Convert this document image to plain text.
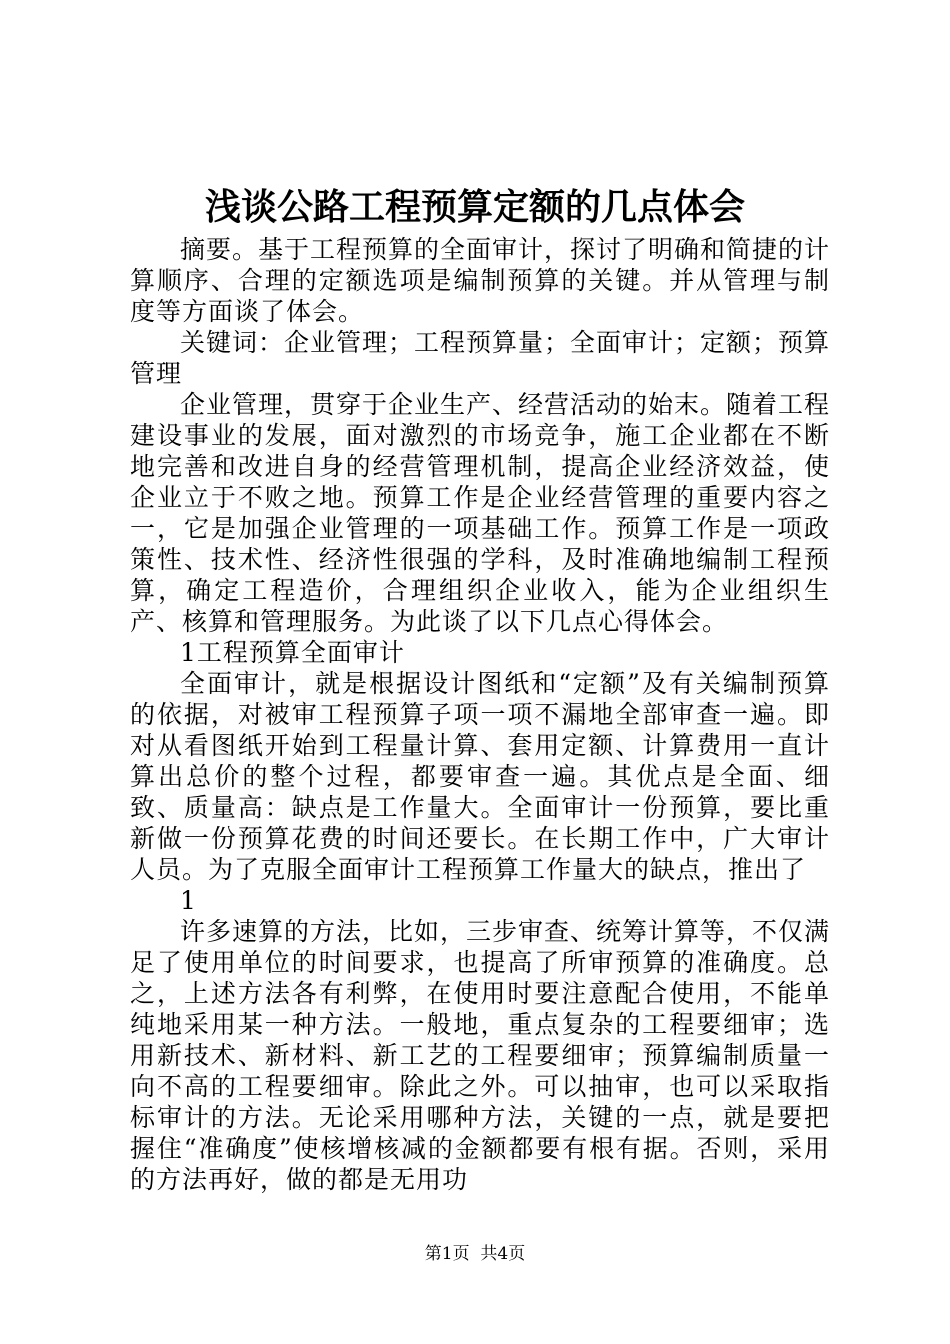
浅谈公路工程预算定额的几点体会

摘要。基于工程预算的全面审计，探讨了明确和简捷的计算顺序、合理的定额选项是编制预算的关键。并从管理与制度等方面谈了体会。

关键词：企业管理；工程预算量；全面审计；定额；预算管理

企业管理，贯穿于企业生产、经营活动的始末。随着工程建设事业的发展，面对激烈的市场竞争，施工企业都在不断地完善和改进自身的经营管理机制，提高企业经济效益，使企业立于不败之地。预算工作是企业经营管理的重要内容之一，它是加强企业管理的一项基础工作。预算工作是一项政策性、技术性、经济性很强的学科，及时准确地编制工程预算，确定工程造价，合理组织企业收入，能为企业组织生产、核算和管理服务。为此谈了以下几点心得体会。

1工程预算全面审计

全面审计，就是根据设计图纸和“定额”及有关编制预算的依据，对被审工程预算子项一项不漏地全部审查一遍。即对从看图纸开始到工程量计算、套用定额、计算费用一直计算出总价的整个过程，都要审查一遍。其优点是全面、细致、质量高：缺点是工作量大。全面审计一份预算，要比重新做一份预算花费的时间还要长。在长期工作中，广大审计人员。为了克服全面审计工程预算工作量大的缺点，推出了

1

许多速算的方法，比如，三步审查、统筹计算等，不仅满足了使用单位的时间要求，也提高了所审预算的准确度。总之，上述方法各有利弊，在使用时要注意配合使用，不能单纯地采用某一种方法。一般地，重点复杂的工程要细审；选用新技术、新材料、新工艺的工程要细审；预算编制质量一向不高的工程要细审。除此之外。可以抽审，也可以采取指标审计的方法。无论采用哪种方法，关键的一点，就是要把握住“准确度”使核增核减的金额都要有根有据。否则，采用的方法再好，做的都是无用功

第1页  共4页
